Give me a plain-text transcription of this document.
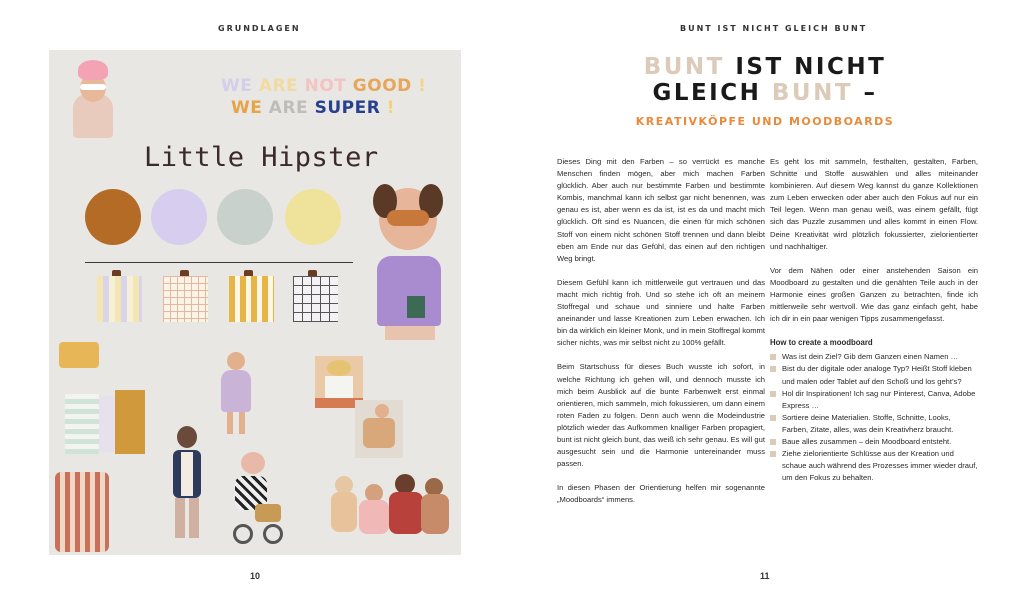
GRUNDLAGEN
WE ARE NOT GOOD !
WE ARE SUPER !
Little Hipster
10
BUNT IST NICHT GLEICH BUNT
BUNT IST NICHT
GLEICH BUNT –
KREATIVKÖPFE UND MOODBOARDS

Dieses Ding mit den Farben – so verrückt es manche Menschen finden mögen, aber mich machen Farben glücklich. Aber auch nur bestimmte Farben und bestimmte Kombis, manchmal kann ich selbst gar nicht benennen, was genau es ist, aber wenn es da ist, ist es da und macht mich glücklich. Oft sind es Nuancen, die einen für mich schönen Stoff von einem nicht schönen Stoff trennen und dann bleibt eben am Ende nur das Gefühl, das einen auf den richtigen Weg bringt.

Diesem Gefühl kann ich mittlerweile gut vertrauen und das macht mich richtig froh. Und so stehe ich oft an meinem Stoffregal und schaue und sinniere und halte Farben aneinander und lasse Kreationen zum Leben erwachen. Ich bin da wirklich ein kleiner Monk, und in mein Stoffregal kommt sicher nichts, was mir selbst nicht zu 100% gefällt.

Beim Startschuss für dieses Buch wusste ich sofort, in welche Richtung ich gehen will, und dennoch musste ich mich beim Ausblick auf die bunte Farbenwelt erst einmal orientieren, mich sammeln, mich fokussieren, um dann einem roten Faden zu folgen. Denn auch wenn die Modeindustrie plötzlich wieder das Aufkommen knalliger Farben propagiert, bunt ist nicht gleich bunt, das weiß ich sehr genau. Es will gut ausgesucht sein und die Harmonie untereinander muss passen.

In diesen Phasen der Orientierung helfen mir sogenannte „Moodboards“ immens.

Es geht los mit sammeln, festhalten, gestalten, Farben, Schnitte und Stoffe auswählen und alles miteinander kombinieren. Auf diesem Weg kannst du ganze Kollektionen zum Leben erwecken oder aber auch den Fokus auf nur ein Teil legen. Wenn man genau weiß, was einem gefällt, fügt sich das Puzzle zusammen und alles kommt in einen Flow. Deine Kreativität wird plötzlich fokussierter, zielorientierter und nachhaltiger.

Vor dem Nähen oder einer anstehenden Saison ein Moodboard zu gestalten und die genähten Teile auch in der Harmonie eines großen Ganzen zu betrachten, finde ich mittlerweile sehr wertvoll. Wie das ganz einfach geht, habe ich dir in ein paar wenigen Tipps zusammengefasst.

How to create a moodboard
Was ist dein Ziel? Gib dem Ganzen einen Namen …
Bist du der digitale oder analoge Typ? Heißt Stoff kleben und malen oder Tablet auf den Schoß und los geht’s?
Hol dir Inspirationen! Ich sag nur Pinterest, Canva, Adobe Express …
Sortiere deine Materialien. Stoffe, Schnitte, Looks, Farben, Zitate, alles, was dein Kreativherz braucht.
Baue alles zusammen – dein Moodboard entsteht.
Ziehe zielorientierte Schlüsse aus der Kreation und schaue auch während des Prozesses immer wieder drauf, um den Fokus zu behalten.
11
